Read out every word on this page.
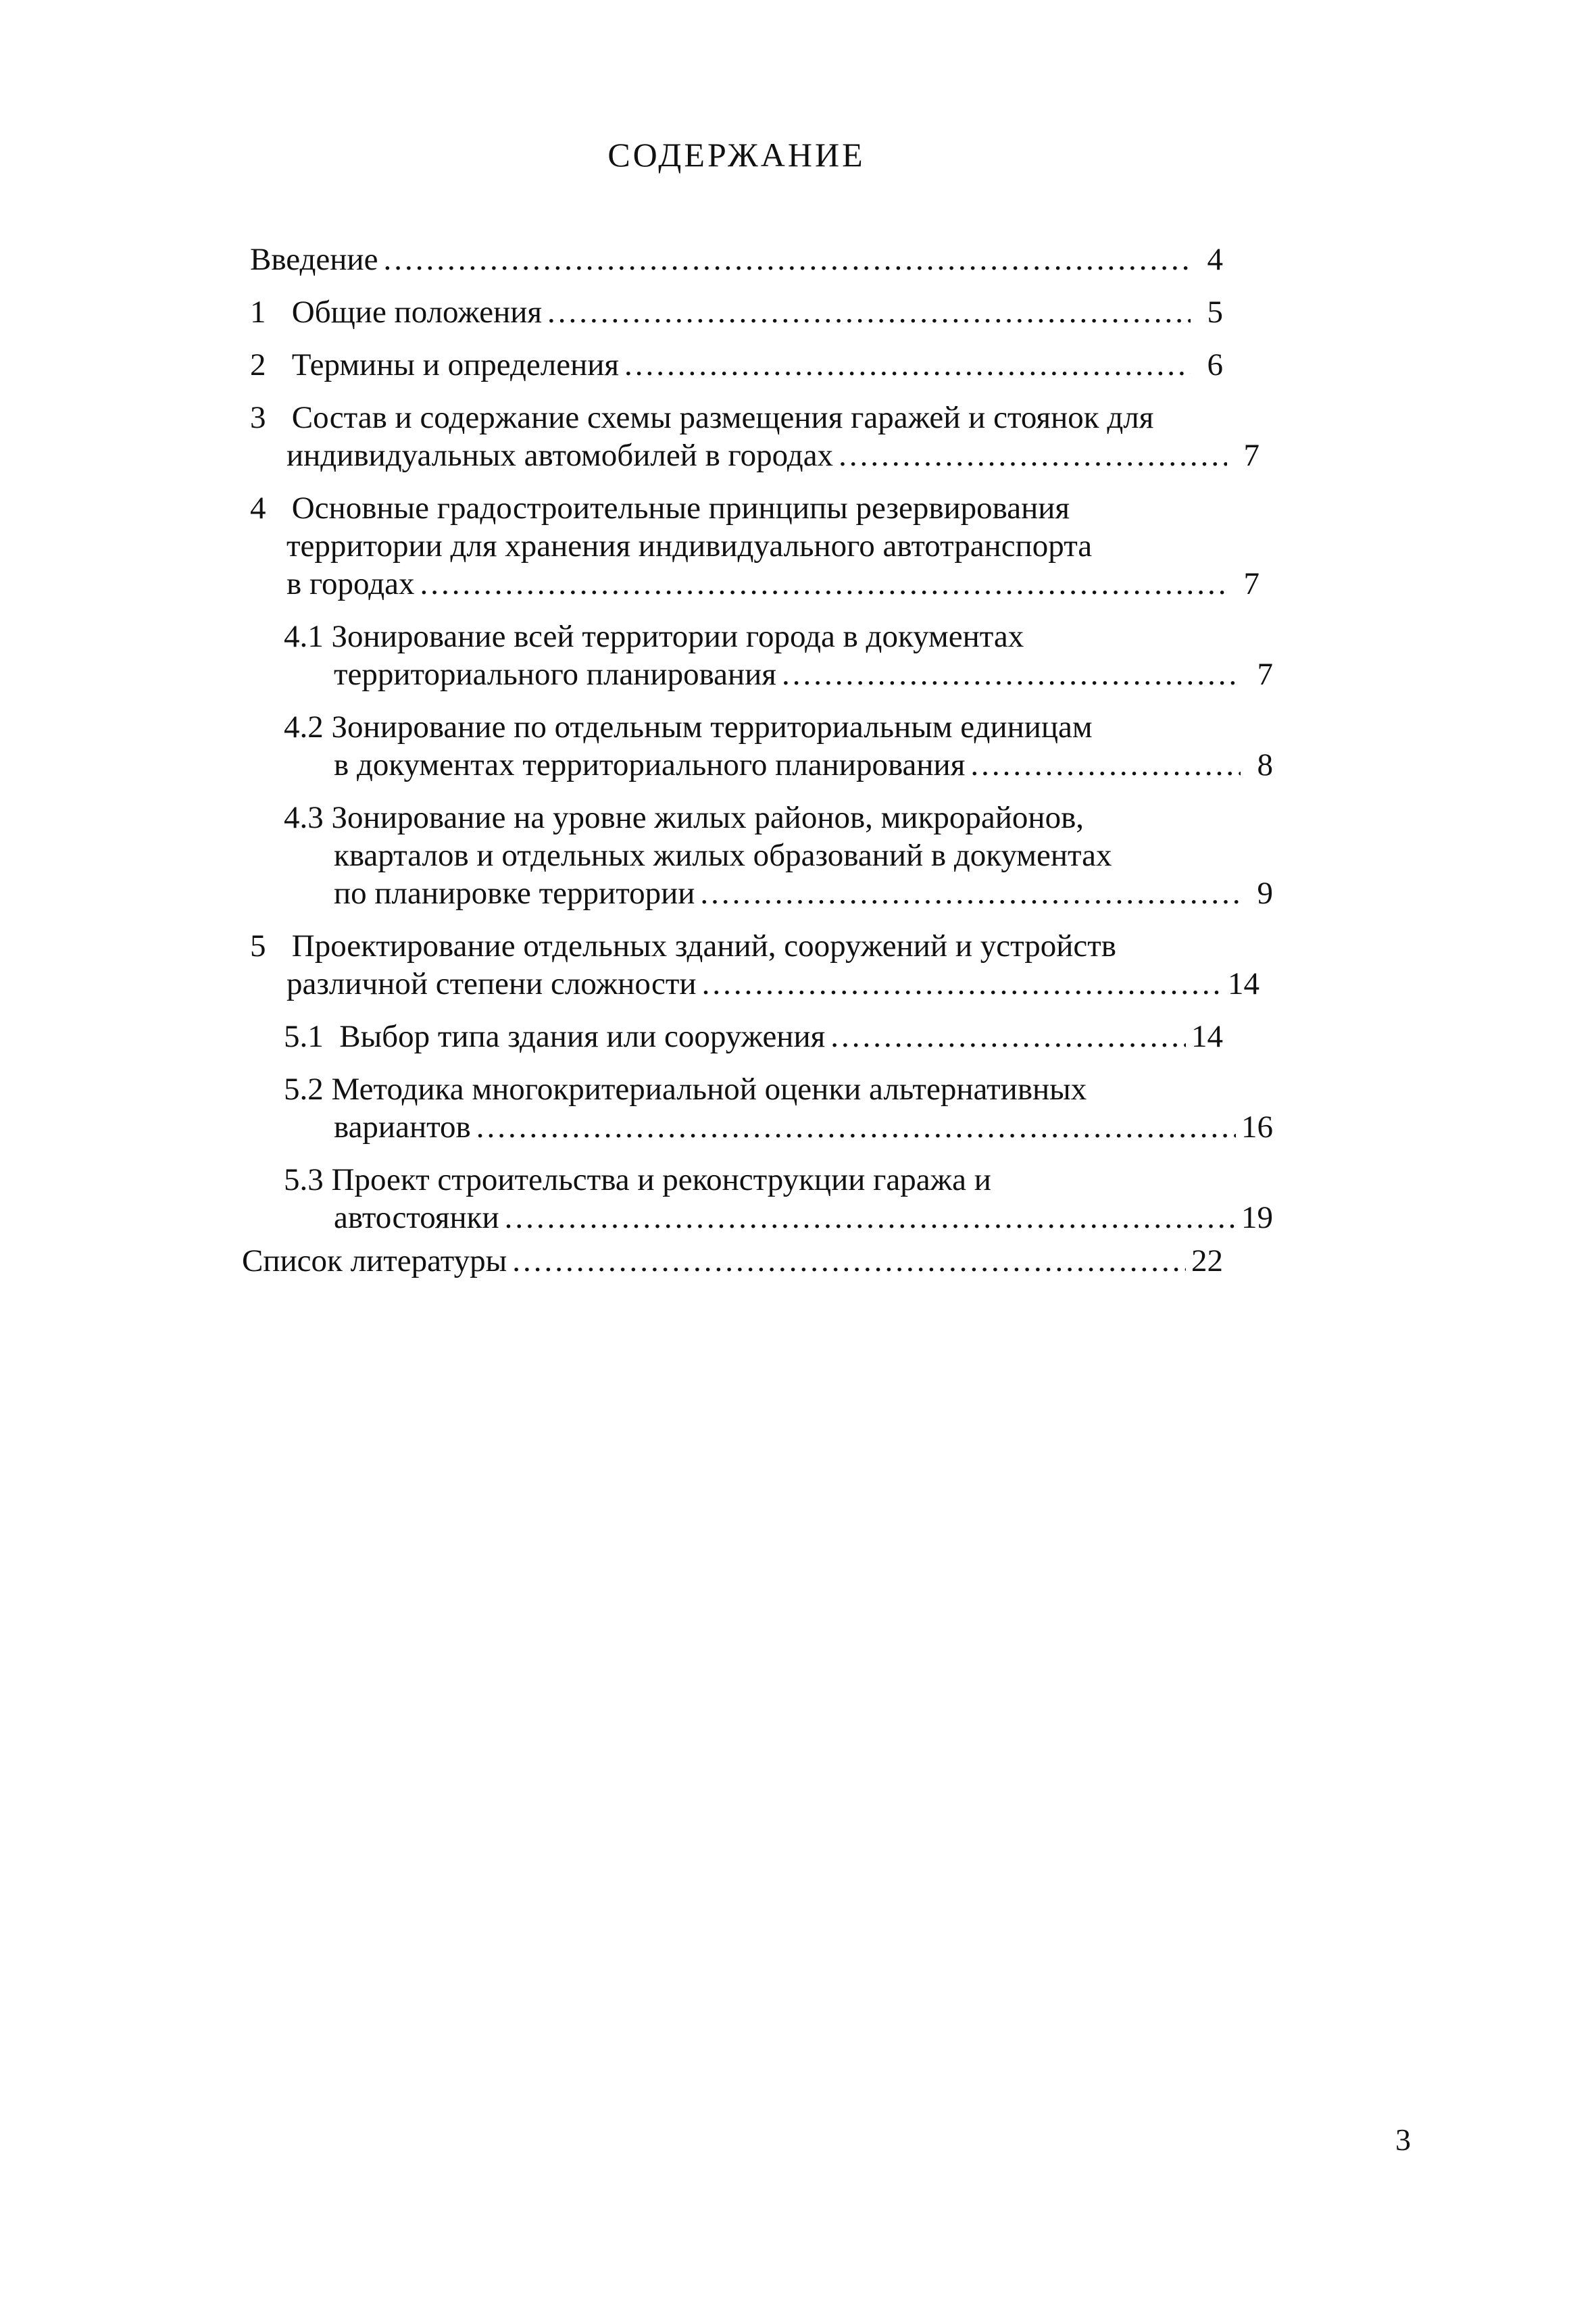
СОДЕРЖАНИЕ
Введение .....	4
1 Общие положения .....	5
2 Термины и определения .....	6
3 Состав и содержание схемы размещения гаражей и стоянок для
индивидуальных автомобилей в городах .....	7
4 Основные градостроительные принципы резервирования
территории для хранения индивидуального автотранспорта
в городах .....	7
4.1 Зонирование всей территории города в документах
территориального планирования .....	7
4.2 Зонирование по отдельным территориальным единицам
в документах территориального планирования .....	8
4.3 Зонирование на уровне жилых районов, микрорайонов,
кварталов и отдельных жилых образований в документах
по планировке территории .....	9
5 Проектирование отдельных зданий, сооружений и устройств
различной степени сложности .....	14
5.1 Выбор типа здания или сооружения .....	14
5.2 Методика многокритериальной оценки альтернативных
вариантов .....	16
5.3 Проект строительства и реконструкции гаража и
автостоянки .....	19
Список литературы .....	22
3
